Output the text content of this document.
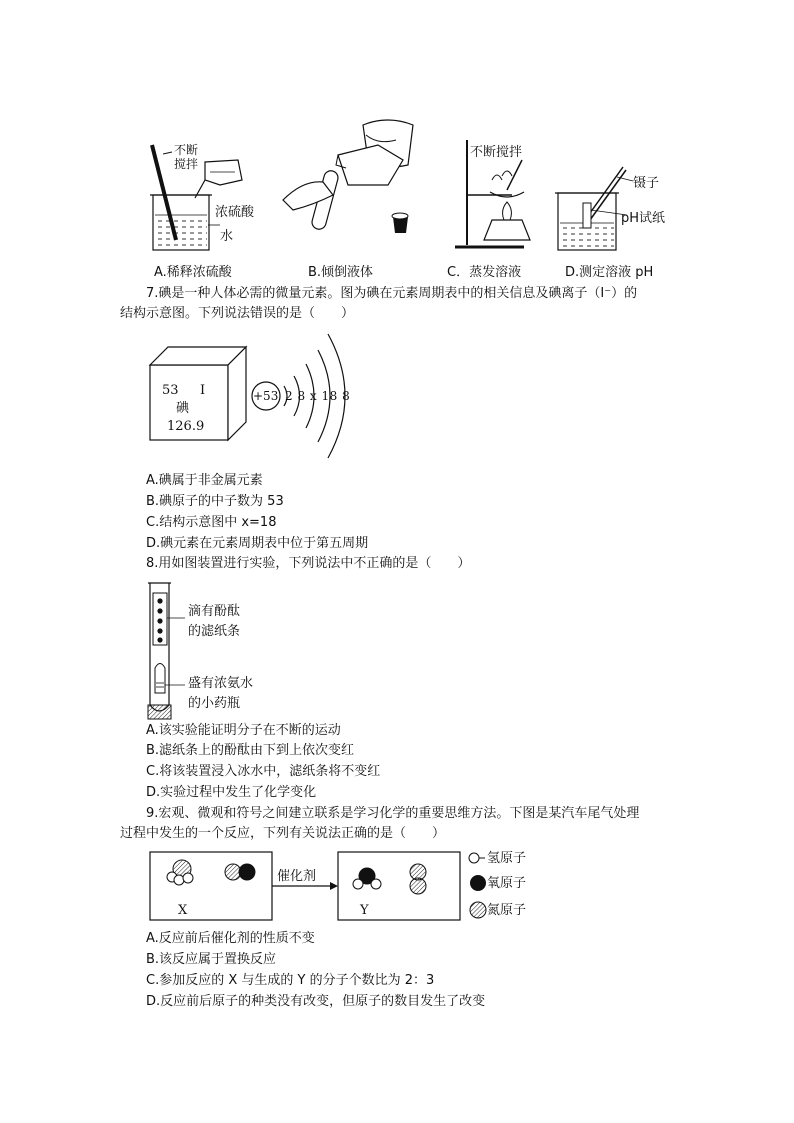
不断
搅拌
浓硫酸
水
不断搅拌
镊子
pH试纸
A.稀释浓硫酸	B.倾倒液体	C．蒸发溶液	D.测定溶液 pH
7.碘是一种人体必需的微量元素。图为碘在元素周期表中的相关信息及碘离子（I⁻）的
结构示意图。下列说法错误的是（　　）
53 I
碘
126.9
+53 2 8 x 18 8
A.碘属于非金属元素
B.碘原子的中子数为 53
C.结构示意图中 x=18
D.碘元素在元素周期表中位于第五周期
8.用如图装置进行实验，下列说法中不正确的是（　　）
滴有酚酞
的滤纸条
盛有浓氨水
的小药瓶
A.该实验能证明分子在不断的运动
B.滤纸条上的酚酞由下到上依次变红
C.将该装置浸入冰水中，滤纸条将不变红
D.实验过程中发生了化学变化
9.宏观、微观和符号之间建立联系是学习化学的重要思维方法。下图是某汽车尾气处理
过程中发生的一个反应，下列有关说法正确的是（　　）
催化剂
X	Y
氢原子
氧原子
氮原子
A.反应前后催化剂的性质不变
B.该反应属于置换反应
C.参加反应的 X 与生成的 Y 的分子个数比为 2：3
D.反应前后原子的种类没有改变，但原子的数目发生了改变
